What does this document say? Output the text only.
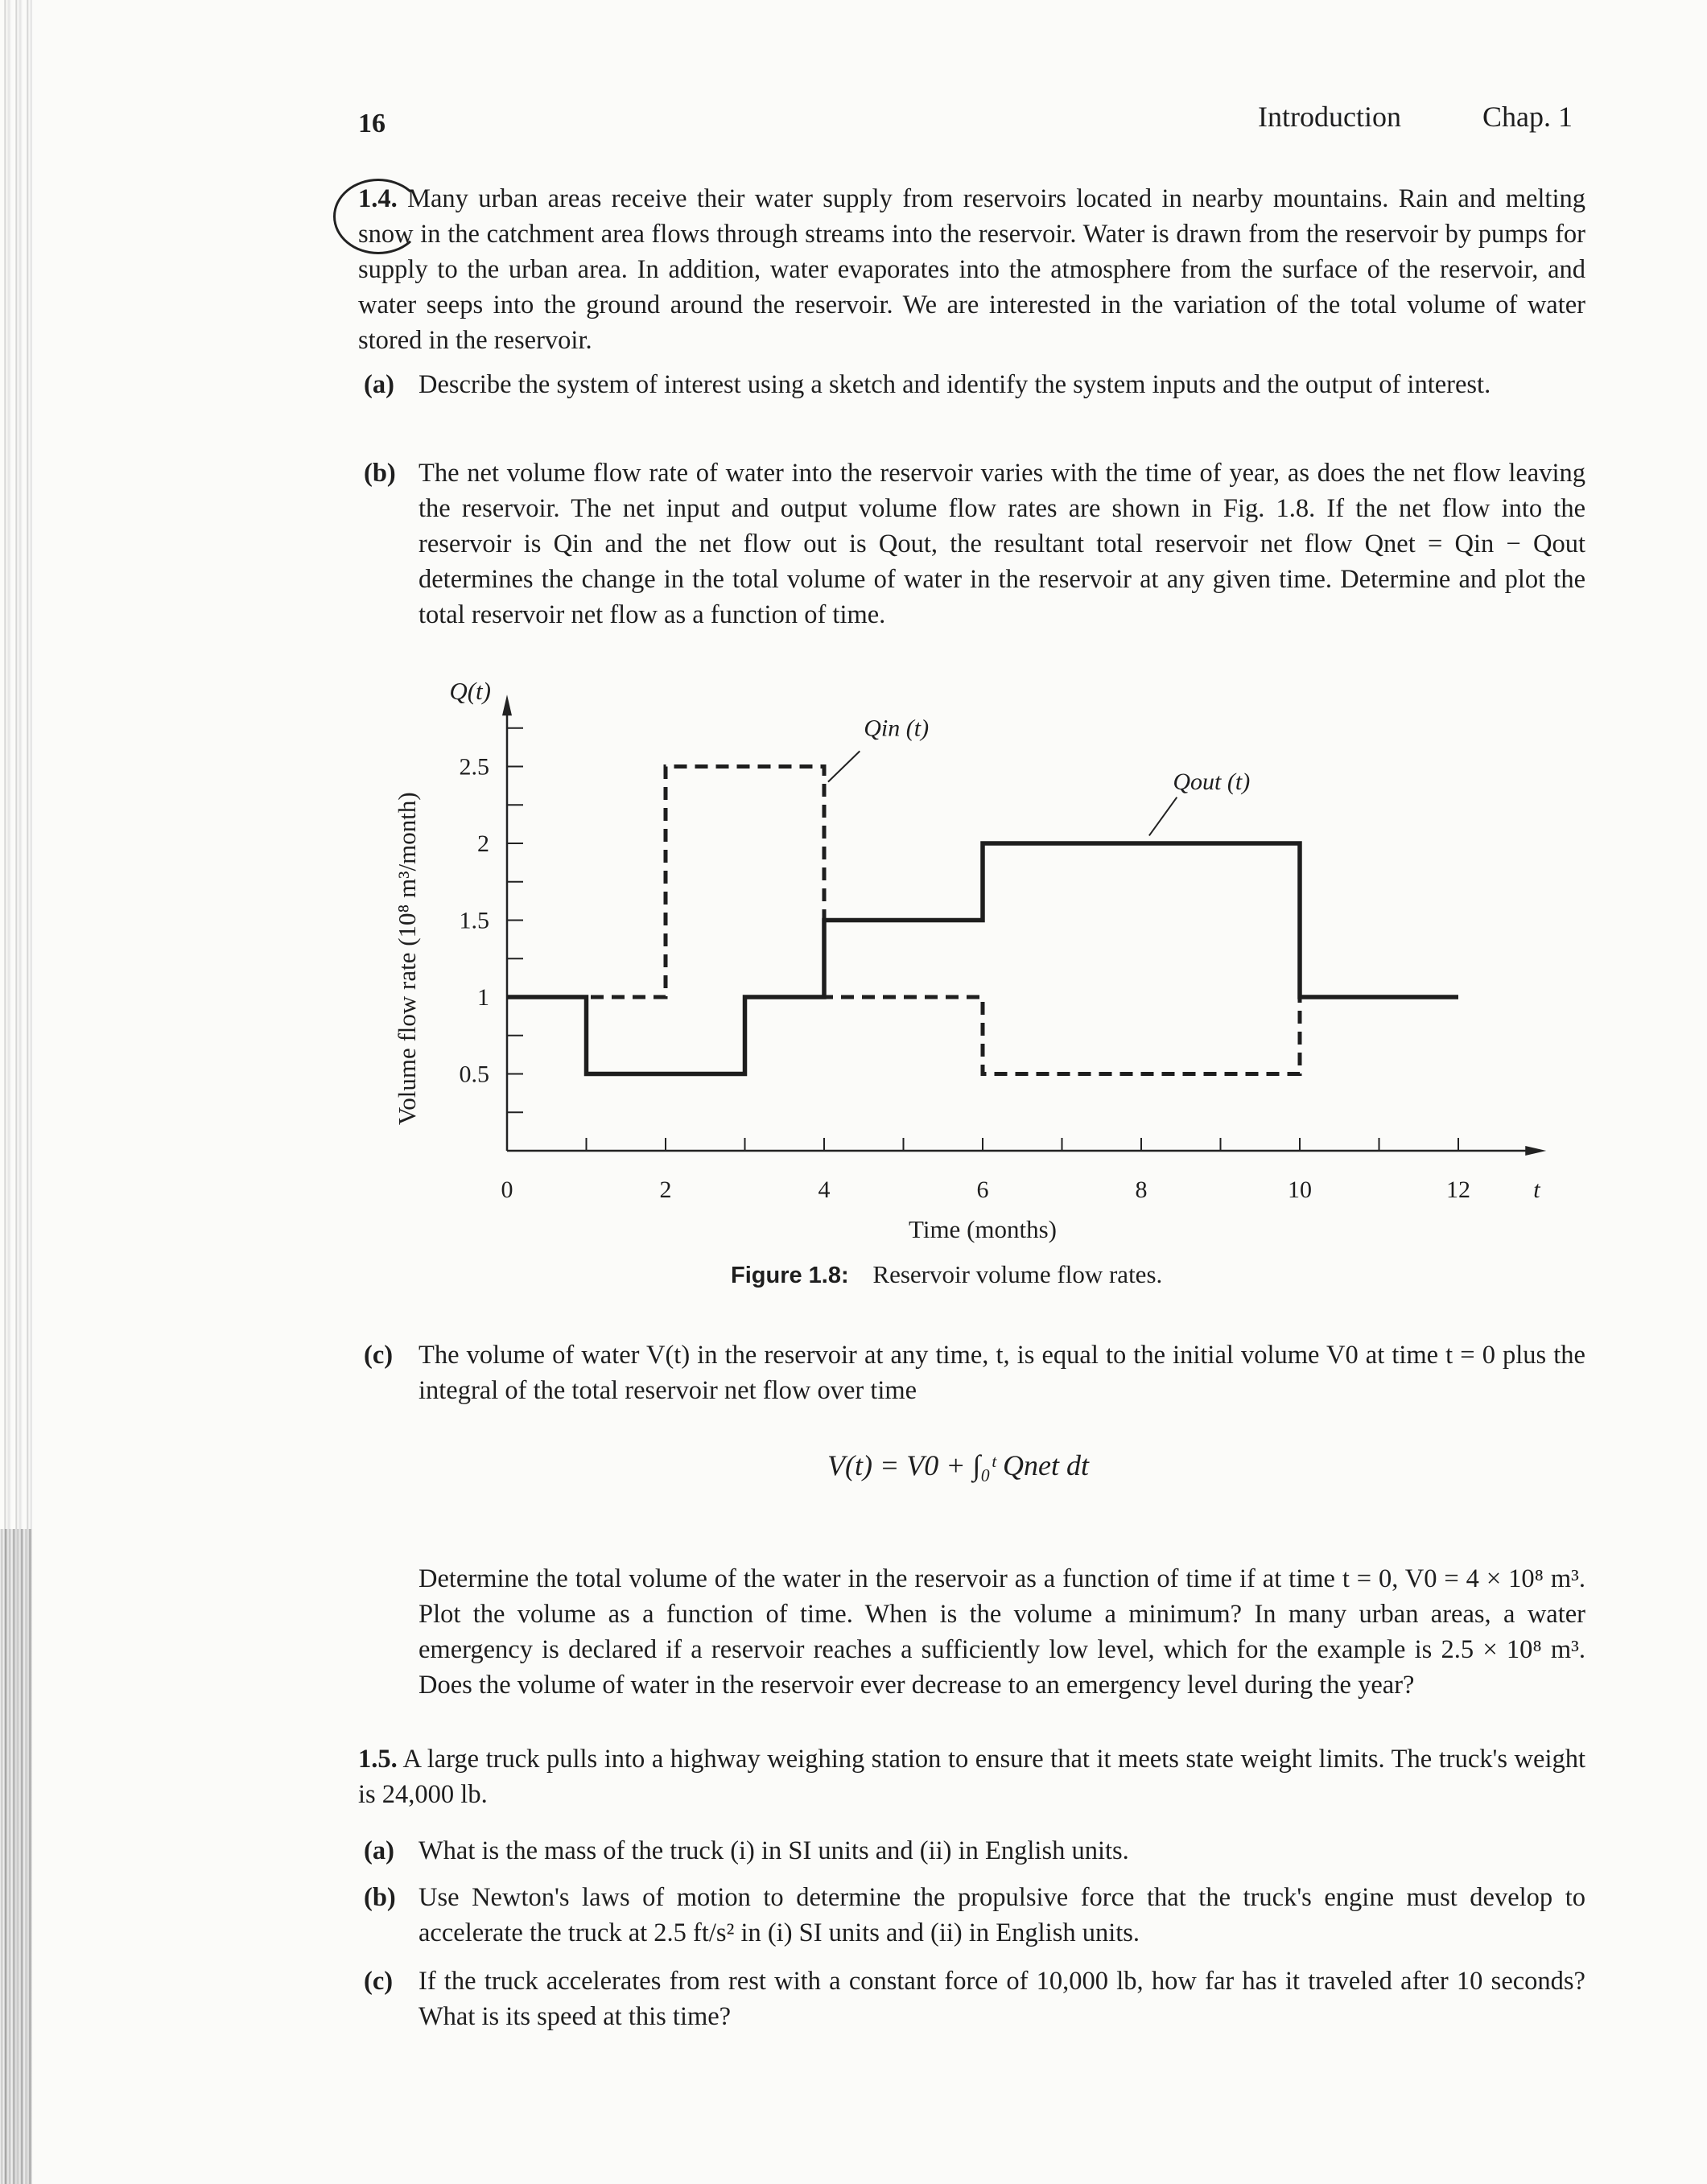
16	Introduction	Chap. 1

1.4. Many urban areas receive their water supply from reservoirs located in nearby mountains. Rain and melting snow in the catchment area flows through streams into the reservoir. Water is drawn from the reservoir by pumps for supply to the urban area. In addition, water evaporates into the atmosphere from the surface of the reservoir, and water seeps into the ground around the reservoir. We are interested in the variation of the total volume of water stored in the reservoir.

(a) Describe the system of interest using a sketch and identify the system inputs and the output of interest.
(b) The net volume flow rate of water into the reservoir varies with the time of year, as does the net flow leaving the reservoir. The net input and output volume flow rates are shown in Fig. 1.8. If the net flow into the reservoir is Qin and the net flow out is Qout, the resultant total reservoir net flow Qnet = Qin − Qout determines the change in the total volume of water in the reservoir at any given time. Determine and plot the total reservoir net flow as a function of time.
0	2	4	6	8	10	12
0.5
1
1.5
2
2.5
Time (months)
t
Volume flow rate (10⁸ m³/month)
Q(t)
Qin (t)
Qout (t)
Figure 1.8: Reservoir volume flow rates.
(c) The volume of water V(t) in the reservoir at any time, t, is equal to the initial volume V0 at time t = 0 plus the integral of the total reservoir net flow over time
V(t) = V0 + ∫₀ᵗ Qnet dt
Determine the total volume of the water in the reservoir as a function of time if at time t = 0, V0 = 4 × 10⁸ m³. Plot the volume as a function of time. When is the volume a minimum? In many urban areas, a water emergency is declared if a reservoir reaches a sufficiently low level, which for the example is 2.5 × 10⁸ m³. Does the volume of water in the reservoir ever decrease to an emergency level during the year?

1.5. A large truck pulls into a highway weighing station to ensure that it meets state weight limits. The truck's weight is 24,000 lb.

(a) What is the mass of the truck (i) in SI units and (ii) in English units.
(b) Use Newton's laws of motion to determine the propulsive force that the truck's engine must develop to accelerate the truck at 2.5 ft/s² in (i) SI units and (ii) in English units.
(c) If the truck accelerates from rest with a constant force of 10,000 lb, how far has it traveled after 10 seconds? What is its speed at this time?
